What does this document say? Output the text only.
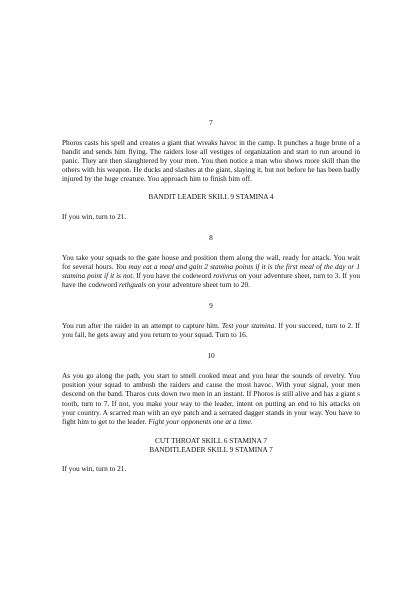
7

Phoros casts his spell and creates a giant that wreaks havoc in the camp. It punches a huge brute of a bandit and sends him flying. The raiders lose all vestiges of organization and start to run around in panic. They are then slaughtered by your men. You then notice a man who shows more skill than the others with his weapon. He ducks and slashes at the giant, slaying it, but not before he has been badly injured by the huge creature. You approach him to finish him off.

BANDIT LEADER SKILL 9 STAMINA 4

If you win, turn to 21.

8

You take your squads to the gate house and position them along the wall, ready for attack. You wait for several hours. You may eat a meal and gain 2 stamina points if it is the first meal of the day or 1 stamina point if it is not. If you have the codeword rovivrus on your adventure sheet, turn to 3. If you have the codeword rethguals on your adventure sheet turn to 20.

9

You run after the raider in an attempt to capture him. Test your stamina. If you succeed, turn to 2. If you fail, he gets away and you return to your squad. Turn to 16.

10

As you go along the path, you start to smell cooked meat and you hear the sounds of revelry. You position your squad to ambush the raiders and cause the most havoc. With your signal, your men descend on the band. Tharos cuts down two men in an instant. If Phoros is still alive and has a giant s tooth, turn to 7. If not, you make your way to the leader, intent on putting an end to his attacks on your country. A scarred man with an eye patch and a serrated dagger stands in your way. You have to fight him to get to the leader. Fight your opponents one at a time.

CUT THROAT SKILL 6 STAMINA 7

BANDITLEADER SKILL 9 STAMINA 7

If you win, turn to 21.
